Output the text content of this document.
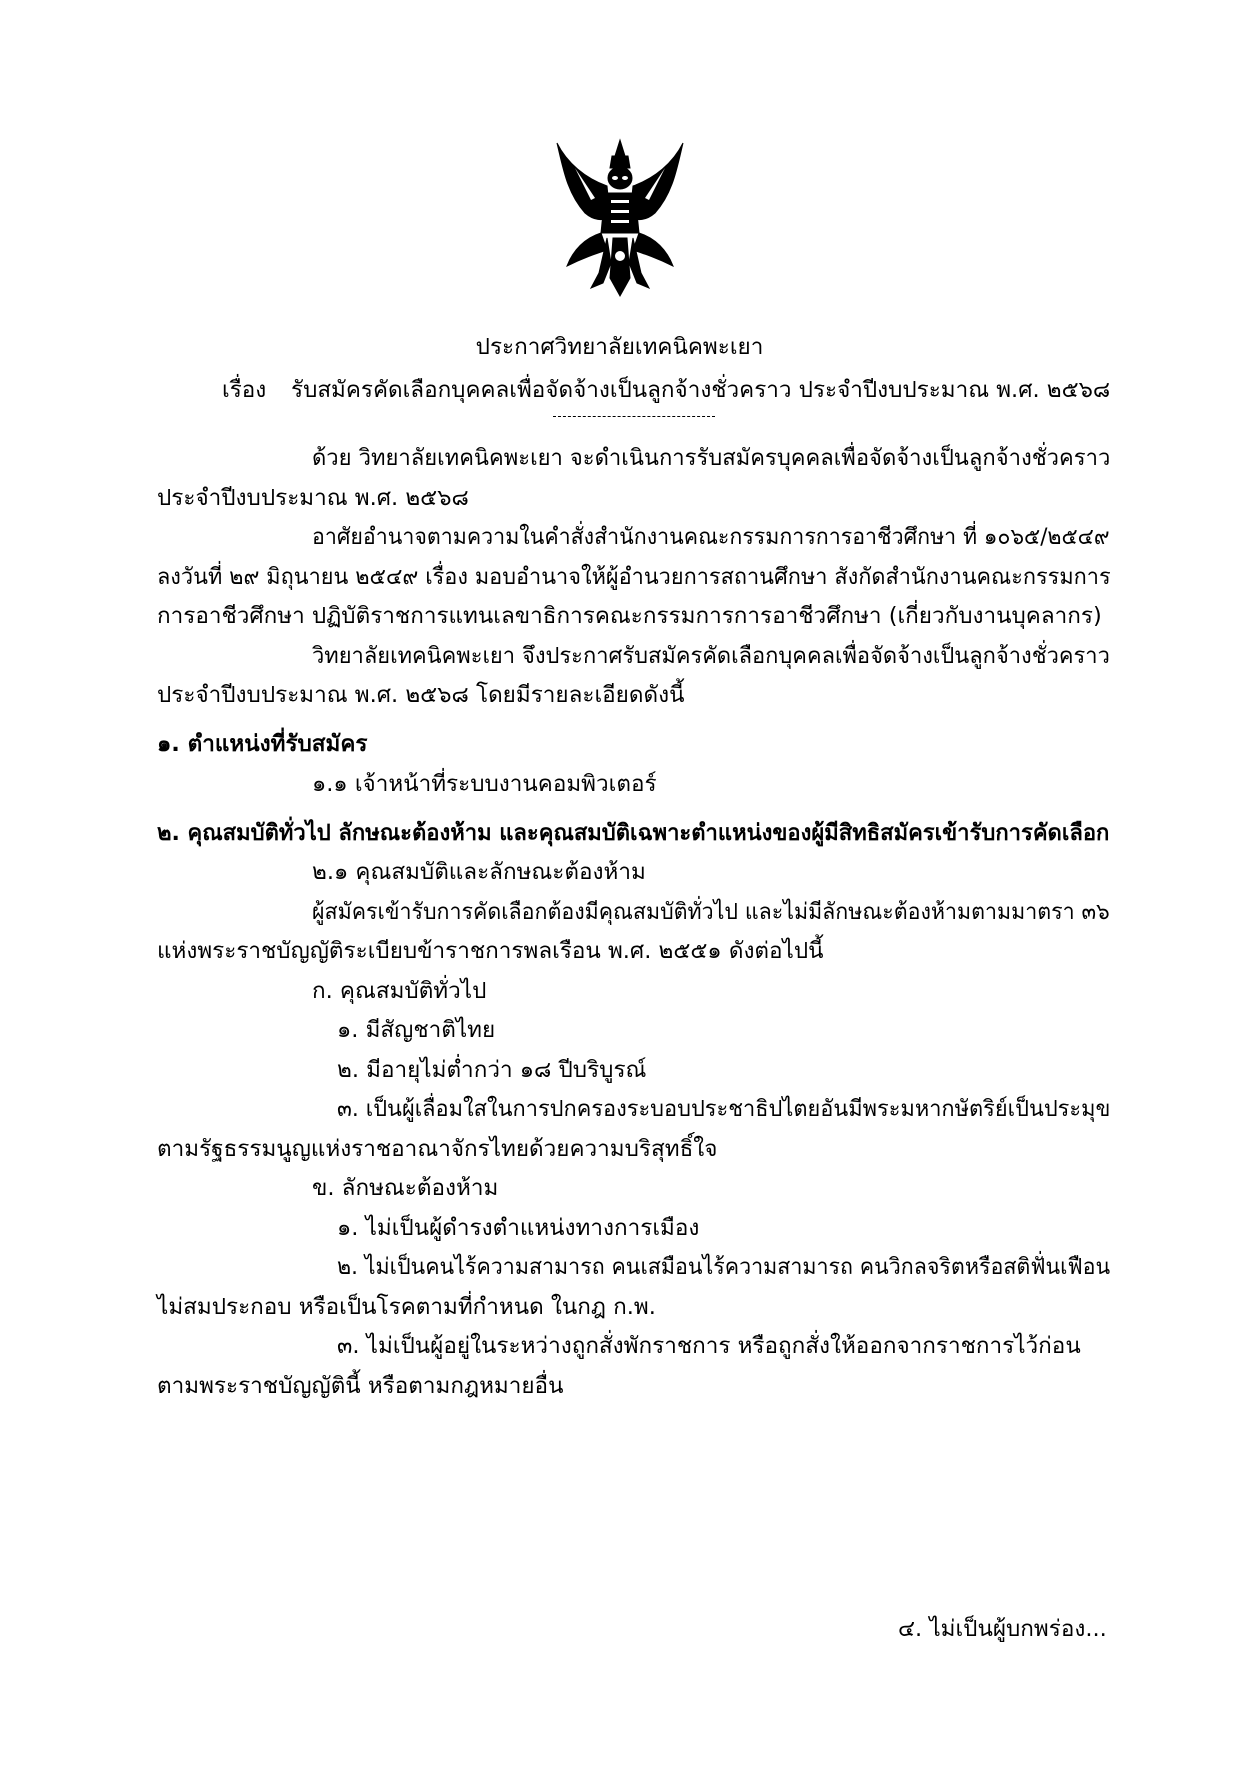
ประกาศวิทยาลัยเทคนิคพะเยา
เรื่อง รับสมัครคัดเลือกบุคคลเพื่อจัดจ้างเป็นลูกจ้างชั่วคราว ประจำปีงบประมาณ พ.ศ. ๒๕๖๘
ด้วย วิทยาลัยเทคนิคพะเยา จะดำเนินการรับสมัครบุคคลเพื่อจัดจ้างเป็นลูกจ้างชั่วคราว
ประจำปีงบประมาณ พ.ศ. ๒๕๖๘
อาศัยอำนาจตามความในคำสั่งสำนักงานคณะกรรมการการอาชีวศึกษา ที่ ๑๐๖๕/๒๕๔๙
ลงวันที่ ๒๙ มิถุนายน ๒๕๔๙ เรื่อง มอบอำนาจให้ผู้อำนวยการสถานศึกษา สังกัดสำนักงานคณะกรรมการ
การอาชีวศึกษา ปฏิบัติราชการแทนเลขาธิการคณะกรรมการการอาชีวศึกษา (เกี่ยวกับงานบุคลากร)
วิทยาลัยเทคนิคพะเยา จึงประกาศรับสมัครคัดเลือกบุคคลเพื่อจัดจ้างเป็นลูกจ้างชั่วคราว
ประจำปีงบประมาณ พ.ศ. ๒๕๖๘ โดยมีรายละเอียดดังนี้
๑. ตำแหน่งที่รับสมัคร
๑.๑ เจ้าหน้าที่ระบบงานคอมพิวเตอร์
๒. คุณสมบัติทั่วไป ลักษณะต้องห้าม และคุณสมบัติเฉพาะตำแหน่งของผู้มีสิทธิสมัครเข้ารับการคัดเลือก
๒.๑ คุณสมบัติและลักษณะต้องห้าม
ผู้สมัครเข้ารับการคัดเลือกต้องมีคุณสมบัติทั่วไป และไม่มีลักษณะต้องห้ามตามมาตรา ๓๖
แห่งพระราชบัญญัติระเบียบข้าราชการพลเรือน พ.ศ. ๒๕๕๑ ดังต่อไปนี้
ก. คุณสมบัติทั่วไป
๑. มีสัญชาติไทย
๒. มีอายุไม่ต่ำกว่า ๑๘ ปีบริบูรณ์
๓. เป็นผู้เลื่อมใสในการปกครองระบอบประชาธิปไตยอันมีพระมหากษัตริย์เป็นประมุข
ตามรัฐธรรมนูญแห่งราชอาณาจักรไทยด้วยความบริสุทธิ์ใจ
ข. ลักษณะต้องห้าม
๑. ไม่เป็นผู้ดำรงตำแหน่งทางการเมือง
๒. ไม่เป็นคนไร้ความสามารถ คนเสมือนไร้ความสามารถ คนวิกลจริตหรือสติฟั่นเฟือน
ไม่สมประกอบ หรือเป็นโรคตามที่กำหนด ในกฎ ก.พ.
๓. ไม่เป็นผู้อยู่ในระหว่างถูกสั่งพักราชการ หรือถูกสั่งให้ออกจากราชการไว้ก่อน
ตามพระราชบัญญัตินี้ หรือตามกฎหมายอื่น
๔. ไม่เป็นผู้บกพร่อง...
